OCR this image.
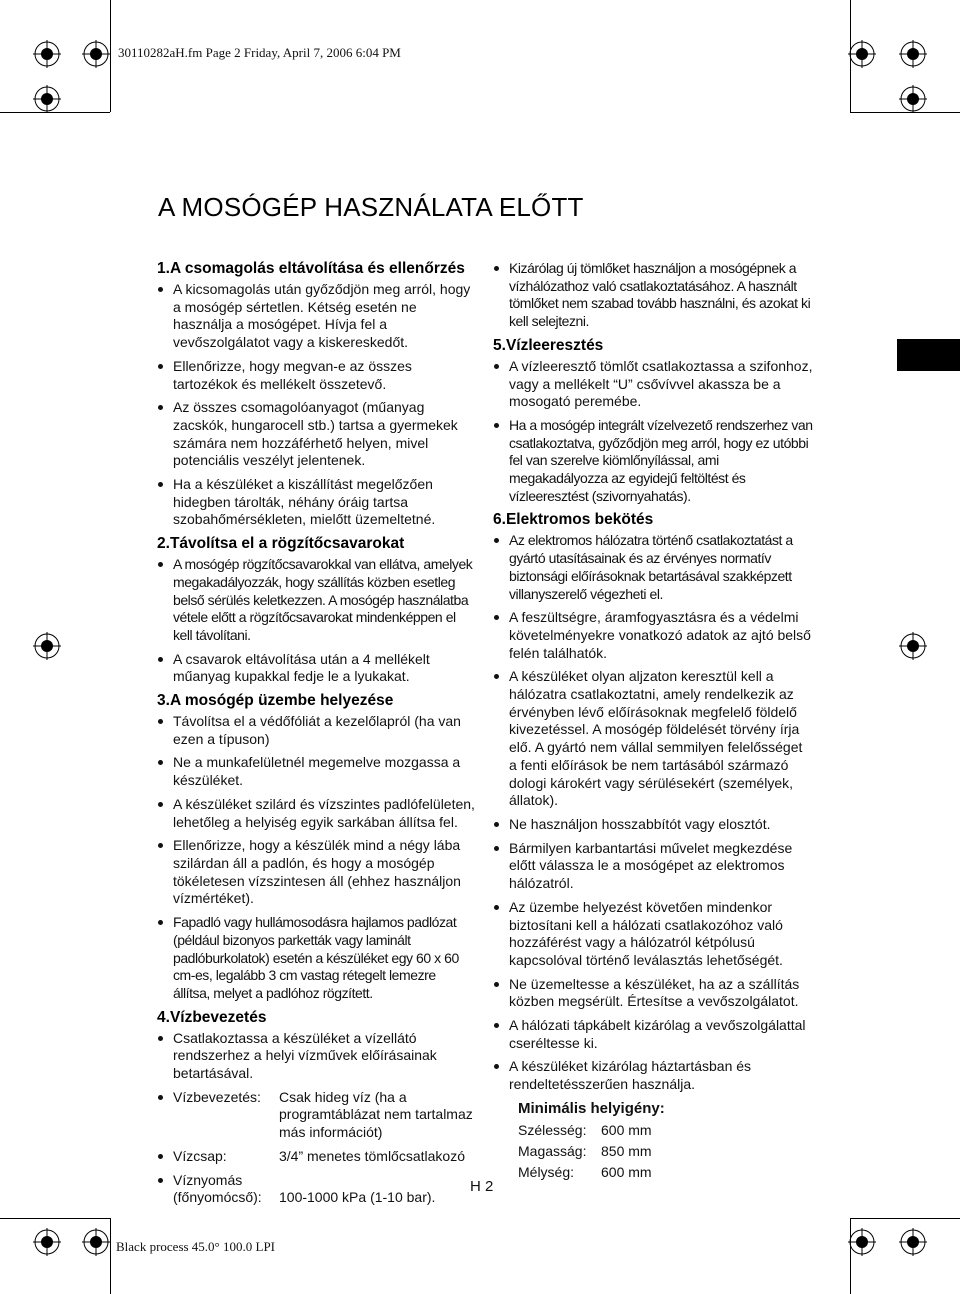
30110282aH.fm Page 2 Friday, April 7, 2006 6:04 PM
Black process 45.0° 100.0 LPI
A MOSÓGÉP HASZNÁLATA ELŐTT
1. A csomagolás eltávolítása és ellenőrzés
A kicsomagolás után győződjön meg arról, hogy a mosógép sértetlen. Kétség esetén ne használja a mosógépet. Hívja fel a vevőszolgálatot vagy a kiskereskedőt.
Ellenőrizze, hogy megvan-e az összes tartozékok és mellékelt összetevő.
Az összes csomagolóanyagot (műanyag zacskók, hungarocell stb.) tartsa a gyermekek számára nem hozzáférhető helyen, mivel potenciális veszélyt jelentenek.
Ha a készüléket a kiszállítást megelőzően hidegben tárolták, néhány óráig tartsa szobahőmérsékleten, mielőtt üzemeltetné.
2. Távolítsa el a rögzítőcsavarokat
A mosógép rögzítőcsavarokkal van ellátva, amelyek megakadályozzák, hogy szállítás közben esetleg belső sérülés keletkezzen. A mosógép használatba vétele előtt a rögzítőcsavarokat mindenképpen el kell távolítani.
A csavarok eltávolítása után a 4 mellékelt műanyag kupakkal fedje le a lyukakat.
3. A mosógép üzembe helyezése
Távolítsa el a védőfóliát a kezelőlapról (ha van ezen a típuson)
Ne a munkafelületnél megemelve mozgassa a készüléket.
A készüléket szilárd és vízszintes padlófelületen, lehetőleg a helyiség egyik sarkában állítsa fel.
Ellenőrizze, hogy a készülék mind a négy lába szilárdan áll a padlón, és hogy a mosógép tökéletesen vízszintesen áll (ehhez használjon vízmértéket).
Fapadló vagy hullámosodásra hajlamos padlózat (például bizonyos parketták vagy laminált padlóburkolatok) esetén a készüléket egy 60 x 60 cm-es, legalább 3 cm vastag rétegelt lemezre állítsa, melyet a padlóhoz rögzített.
4. Vízbevezetés
Csatlakoztassa a készüléket a vízellátó rendszerhez a helyi vízművek előírásainak betartásával.
Vízbevezetés:	Csak hideg víz (ha a programtáblázat nem tartalmaz más információt)
Vízcsap:	3/4” menetes tömlőcsatlakozó
Víznyomás (főnyomócső):	100-1000 kPa (1-10 bar).
Kizárólag új tömlőket használjon a mosógépnek a vízhálózathoz való csatlakoztatásához. A használt tömlőket nem szabad tovább használni, és azokat ki kell selejtezni.
5. Vízleeresztés
A vízleeresztő tömlőt csatlakoztassa a szifonhoz, vagy a mellékelt “U” csővívvel akassza be a mosogató peremébe.
Ha a mosógép integrált vízelvezető rendszerhez van csatlakoztatva, győződjön meg arról, hogy ez utóbbi fel van szerelve kiömlőnyílással, ami megakadályozza az egyidejű feltöltést és vízleeresztést (szivornyahatás).
6. Elektromos bekötés
Az elektromos hálózatra történő csatlakoztatást a gyártó utasításainak és az érvényes normatív biztonsági előírásoknak betartásával szakképzett villanyszerelő végezheti el.
A feszültségre, áramfogyasztásra és a védelmi követelményekre vonatkozó adatok az ajtó belső felén találhatók.
A készüléket olyan aljzaton keresztül kell a hálózatra csatlakoztatni, amely rendelkezik az érvényben lévő előírásoknak megfelelő földelő kivezetéssel. A mosógép földelését törvény írja elő. A gyártó nem vállal semmilyen felelősséget a fenti előírások be nem tartásából származó dologi károkért vagy sérülésekért (személyek, állatok).
Ne használjon hosszabbítót vagy elosztót.
Bármilyen karbantartási művelet megkezdése előtt válassza le a mosógépet az elektromos hálózatról.
Az üzembe helyezést követően mindenkor biztosítani kell a hálózati csatlakozóhoz való hozzáférést vagy a hálózatról kétpólusú kapcsolóval történő leválasztás lehetőségét.
Ne üzemeltesse a készüléket, ha az a szállítás közben megsérült. Értesítse a vevőszolgálatot.
A hálózati tápkábelt kizárólag a vevőszolgálattal cseréltesse ki.
A készüléket kizárólag háztartásban és rendeltetésszerűen használja.
Minimális helyigény:
Szélesség:	600 mm
Magasság:	850 mm
Mélység:	600 mm
H 2
